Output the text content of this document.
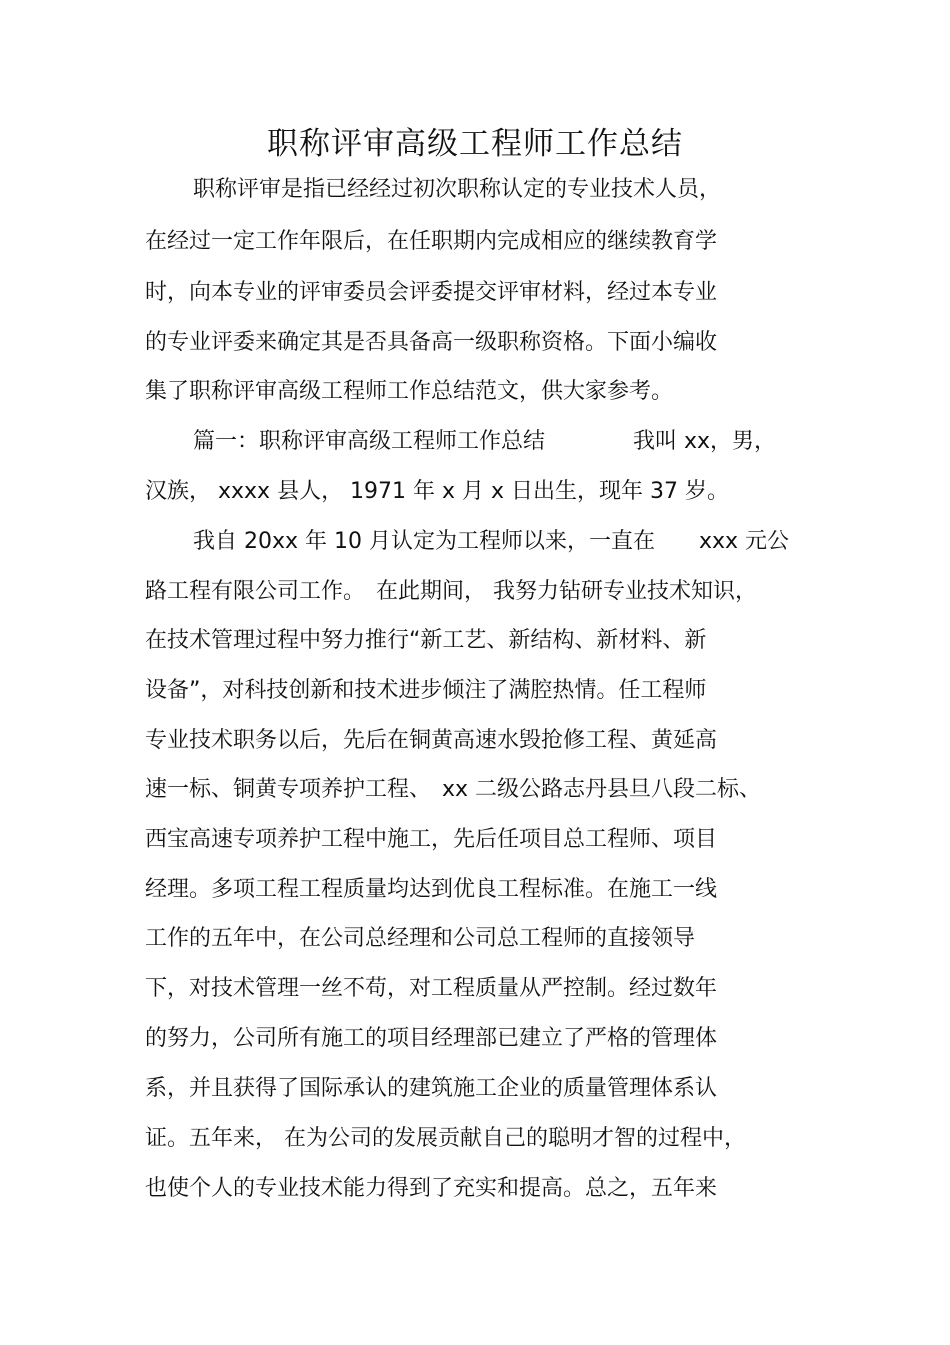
职称评审高级工程师工作总结
职称评审是指已经经过初次职称认定的专业技术人员，
在经过一定工作年限后，在任职期内完成相应的继续教育学
时，向本专业的评审委员会评委提交评审材料，经过本专业
的专业评委来确定其是否具备高一级职称资格。下面小编收
集了职称评审高级工程师工作总结范文，供大家参考。
篇一：职称评审高级工程师工作总结　　　　我叫 xx，男，
汉族， xxxx 县人， 1971 年 x 月 x 日出生，现年 37 岁。
我自 20xx 年 10 月认定为工程师以来，一直在　　xxx 元公
路工程有限公司工作。　在此期间， 我努力钻研专业技术知识，
在技术管理过程中努力推行“新工艺、新结构、新材料、新
设备”，对科技创新和技术进步倾注了满腔热情。任工程师
专业技术职务以后，先后在铜黄高速水毁抢修工程、黄延高
速一标、铜黄专项养护工程、　xx 二级公路志丹县旦八段二标、
西宝高速专项养护工程中施工，先后任项目总工程师、项目
经理。多项工程工程质量均达到优良工程标准。在施工一线
工作的五年中，在公司总经理和公司总工程师的直接领导
下，对技术管理一丝不苟，对工程质量从严控制。经过数年
的努力，公司所有施工的项目经理部已建立了严格的管理体
系，并且获得了国际承认的建筑施工企业的质量管理体系认
证。五年来， 在为公司的发展贡献自己的聪明才智的过程中，
也使个人的专业技术能力得到了充实和提高。总之，五年来
